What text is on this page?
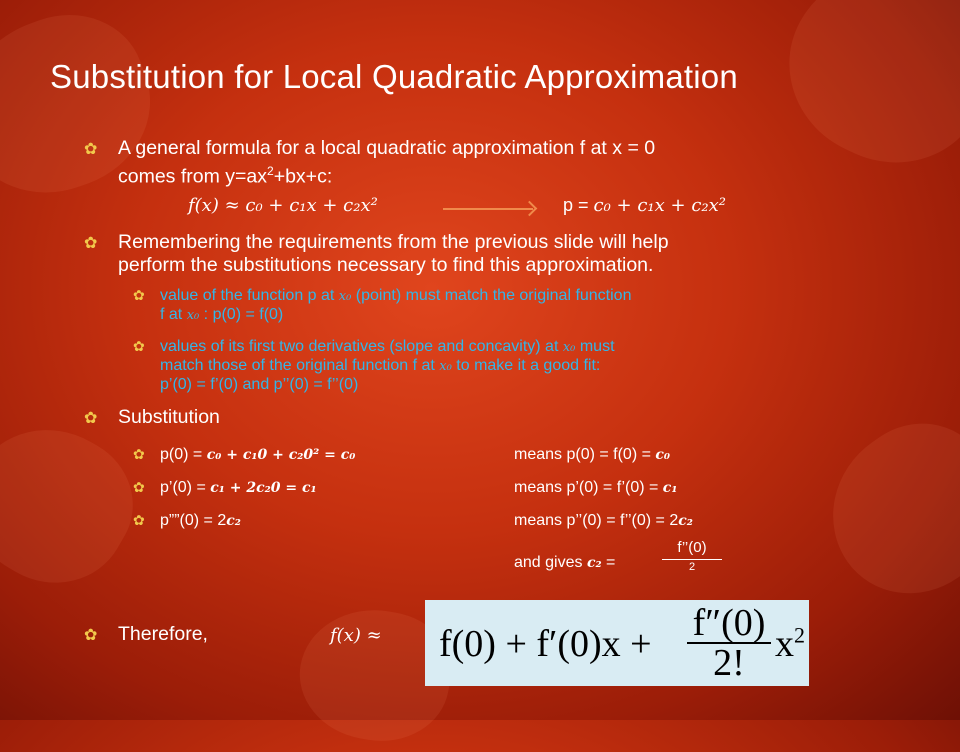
Substitution for Local Quadratic Approximation
✿ A general formula for a local quadratic approximation f at x = 0
comes from $y=ax^2+bx+c$:
f(x) ≈ c₀ + c₁x + c₂x²	p = c₀ + c₁x + c₂x²
✿ Remembering the requirements from the previous slide will help
perform the substitutions necessary to find this approximation.
✿ value of the function p at x₀ (point) must match the original function
f at x₀ : p(0) = f(0)
✿ values of its first two derivatives (slope and concavity) at x₀ must
match those of the original function f at x₀ to make it a good fit:
p’(0) = f’(0) and p’’(0) = f’’(0)
✿ Substitution
✿ p(0) = c₀ + c₁0 + c₂0² = c₀	means p(0) = f(0) = c₀
✿ p’(0) = c₁ + 2c₂0 = c₁	means p’(0) = f’(0) = c₁
✿ p””(0) = 2c₂	means p’’(0) = f’’(0) = 2c₂
and gives c₂ =
f’’(0)
2
✿ Therefore,	$f(x) \approx f(0) + f'(0)x + \frac{f''(0)}{2!} x^2$
